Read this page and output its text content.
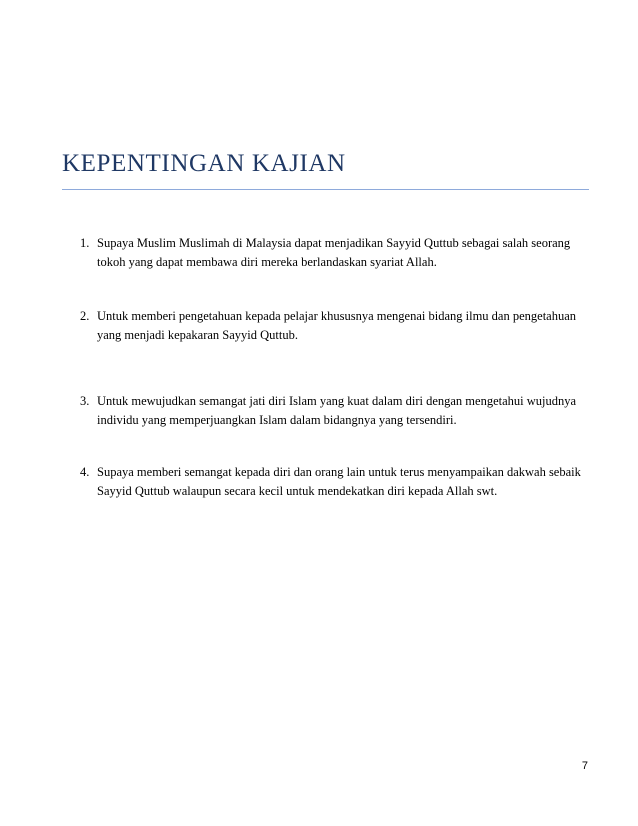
KEPENTINGAN KAJIAN
1. Supaya Muslim Muslimah di Malaysia dapat menjadikan Sayyid Quttub sebagai salah seorang tokoh yang dapat membawa diri mereka berlandaskan syariat Allah.
2. Untuk memberi pengetahuan kepada pelajar khususnya mengenai bidang ilmu dan pengetahuan yang menjadi kepakaran Sayyid Quttub.
3. Untuk mewujudkan semangat jati diri Islam yang kuat dalam diri dengan mengetahui wujudnya individu yang memperjuangkan Islam dalam bidangnya yang tersendiri.
4. Supaya memberi semangat kepada diri dan orang lain untuk terus menyampaikan dakwah sebaik Sayyid Quttub walaupun secara kecil untuk mendekatkan diri kepada Allah swt.
7
